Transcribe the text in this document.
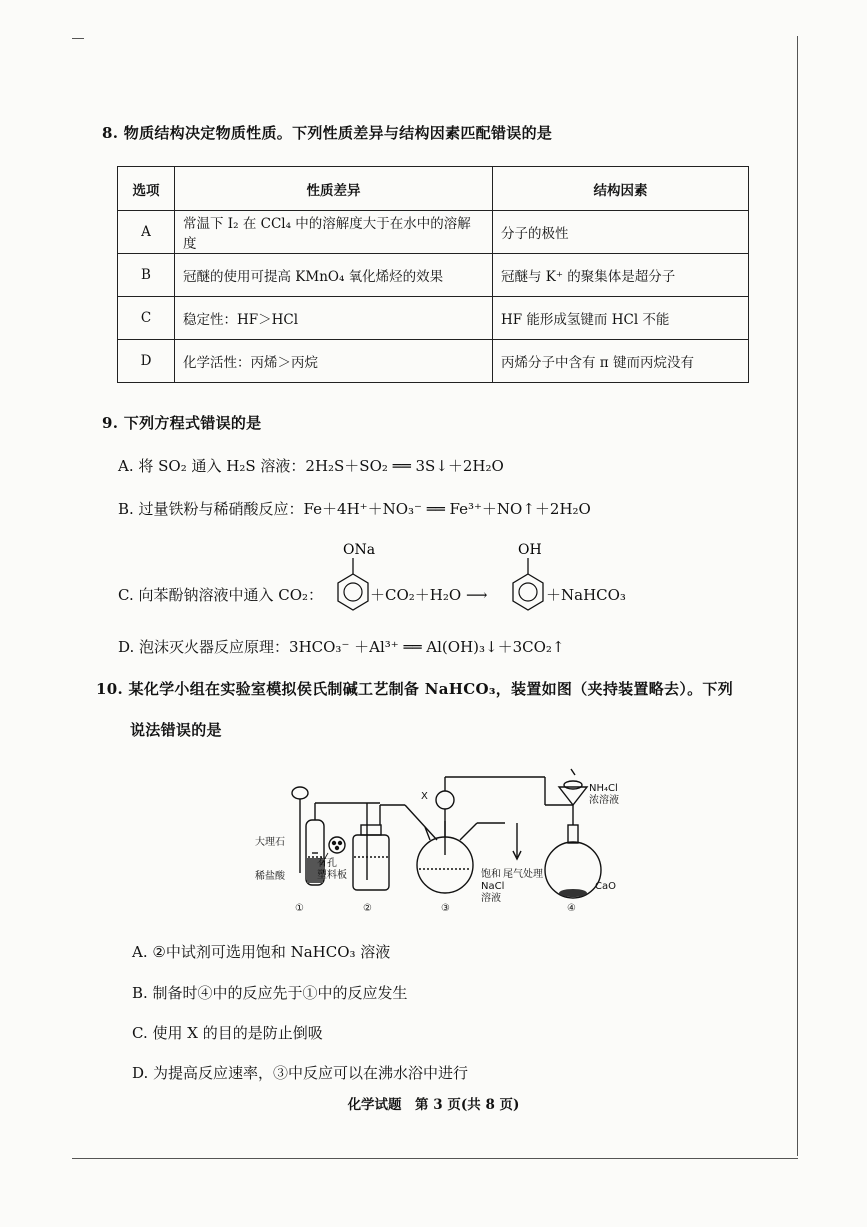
8. 物质结构决定物质性质。下列性质差异与结构因素匹配错误的是
选项	性质差异	结构因素
A	常温下 I₂ 在 CCl₄ 中的溶解度大于在水中的溶解度	分子的极性
B	冠醚的使用可提高 KMnO₄ 氧化烯烃的效果	冠醚与 K⁺ 的聚集体是超分子
C	稳定性：HF＞HCl	HF 能形成氢键而 HCl 不能
D	化学活性：丙烯＞丙烷	丙烯分子中含有 π 键而丙烷没有
9. 下列方程式错误的是
A. 将 SO₂ 通入 H₂S 溶液：2H₂S＋SO₂ ══ 3S↓＋2H₂O
B. 过量铁粉与稀硝酸反应：Fe＋4H⁺＋NO₃⁻ ══ Fe³⁺＋NO↑＋2H₂O
C. 向苯酚钠溶液中通入 CO₂：
ONa
＋CO₂＋H₂O ⟶
OH
＋NaHCO₃
D. 泡沫灭火器反应原理：3HCO₃⁻ ＋Al³⁺ ══ Al(OH)₃↓＋3CO₂↑
10. 某化学小组在实验室模拟侯氏制碱工艺制备 NaHCO₃，装置如图（夹持装置略去）。下列
说法错误的是
大理石
稀盐酸
有孔
塑料板
X
饱和
NaCl
溶液
尾气处理
NH₄Cl
浓溶液
CaO
①	②	③	④
A. ②中试剂可选用饱和 NaHCO₃ 溶液
B. 制备时④中的反应先于①中的反应发生
C. 使用 X 的目的是防止倒吸
D. 为提高反应速率，③中反应可以在沸水浴中进行
化学试题　第 3 页(共 8 页)
